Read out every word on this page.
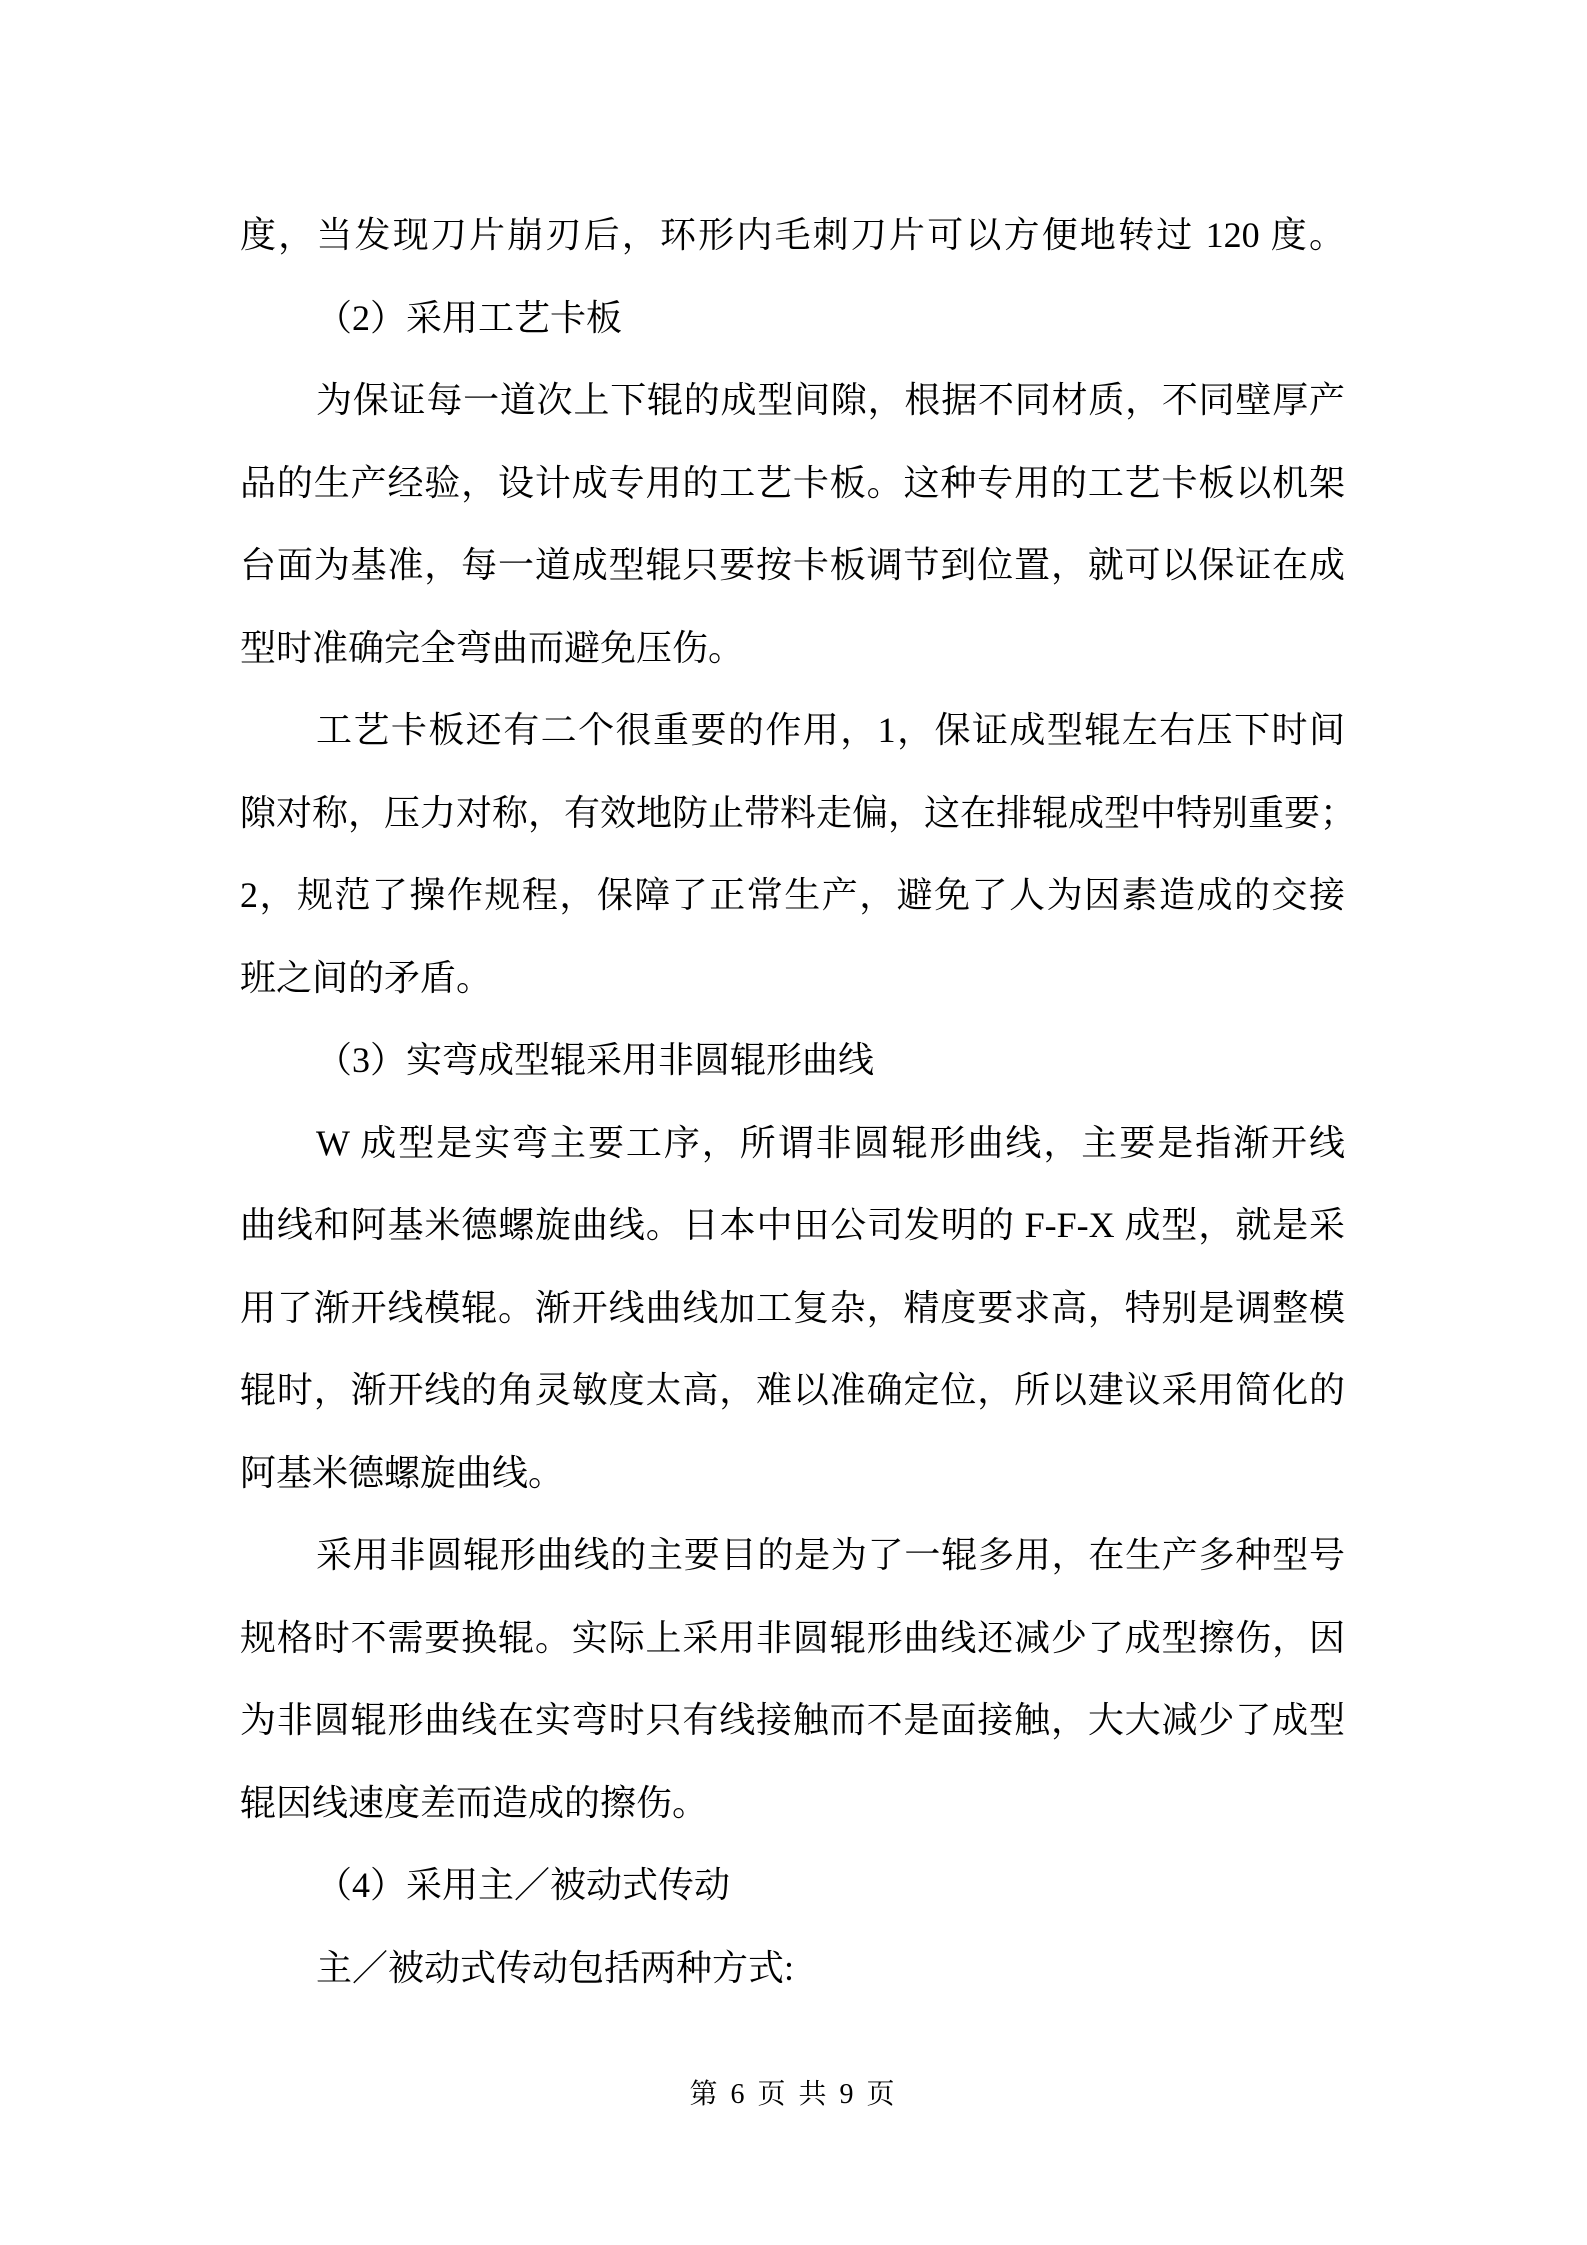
度，当发现刀片崩刃后，环形内毛刺刀片可以方便地转过 120 度。
（2）采用工艺卡板
为保证每一道次上下辊的成型间隙，根据不同材质，不同壁厚产
品的生产经验，设计成专用的工艺卡板。这种专用的工艺卡板以机架
台面为基准，每一道成型辊只要按卡板调节到位置，就可以保证在成
型时准确完全弯曲而避免压伤。
工艺卡板还有二个很重要的作用，1，保证成型辊左右压下时间
隙对称，压力对称，有效地防止带料走偏，这在排辊成型中特别重要；
2，规范了操作规程，保障了正常生产，避免了人为因素造成的交接
班之间的矛盾。
（3）实弯成型辊采用非圆辊形曲线
W 成型是实弯主要工序，所谓非圆辊形曲线，主要是指渐开线
曲线和阿基米德螺旋曲线。日本中田公司发明的 F-F-X 成型，就是采
用了渐开线模辊。渐开线曲线加工复杂，精度要求高，特别是调整模
辊时，渐开线的角灵敏度太高，难以准确定位，所以建议采用简化的
阿基米德螺旋曲线。
采用非圆辊形曲线的主要目的是为了一辊多用，在生产多种型号
规格时不需要换辊。实际上采用非圆辊形曲线还减少了成型擦伤，因
为非圆辊形曲线在实弯时只有线接触而不是面接触，大大减少了成型
辊因线速度差而造成的擦伤。
（4）采用主／被动式传动
主／被动式传动包括两种方式:
第 6 页 共 9 页
